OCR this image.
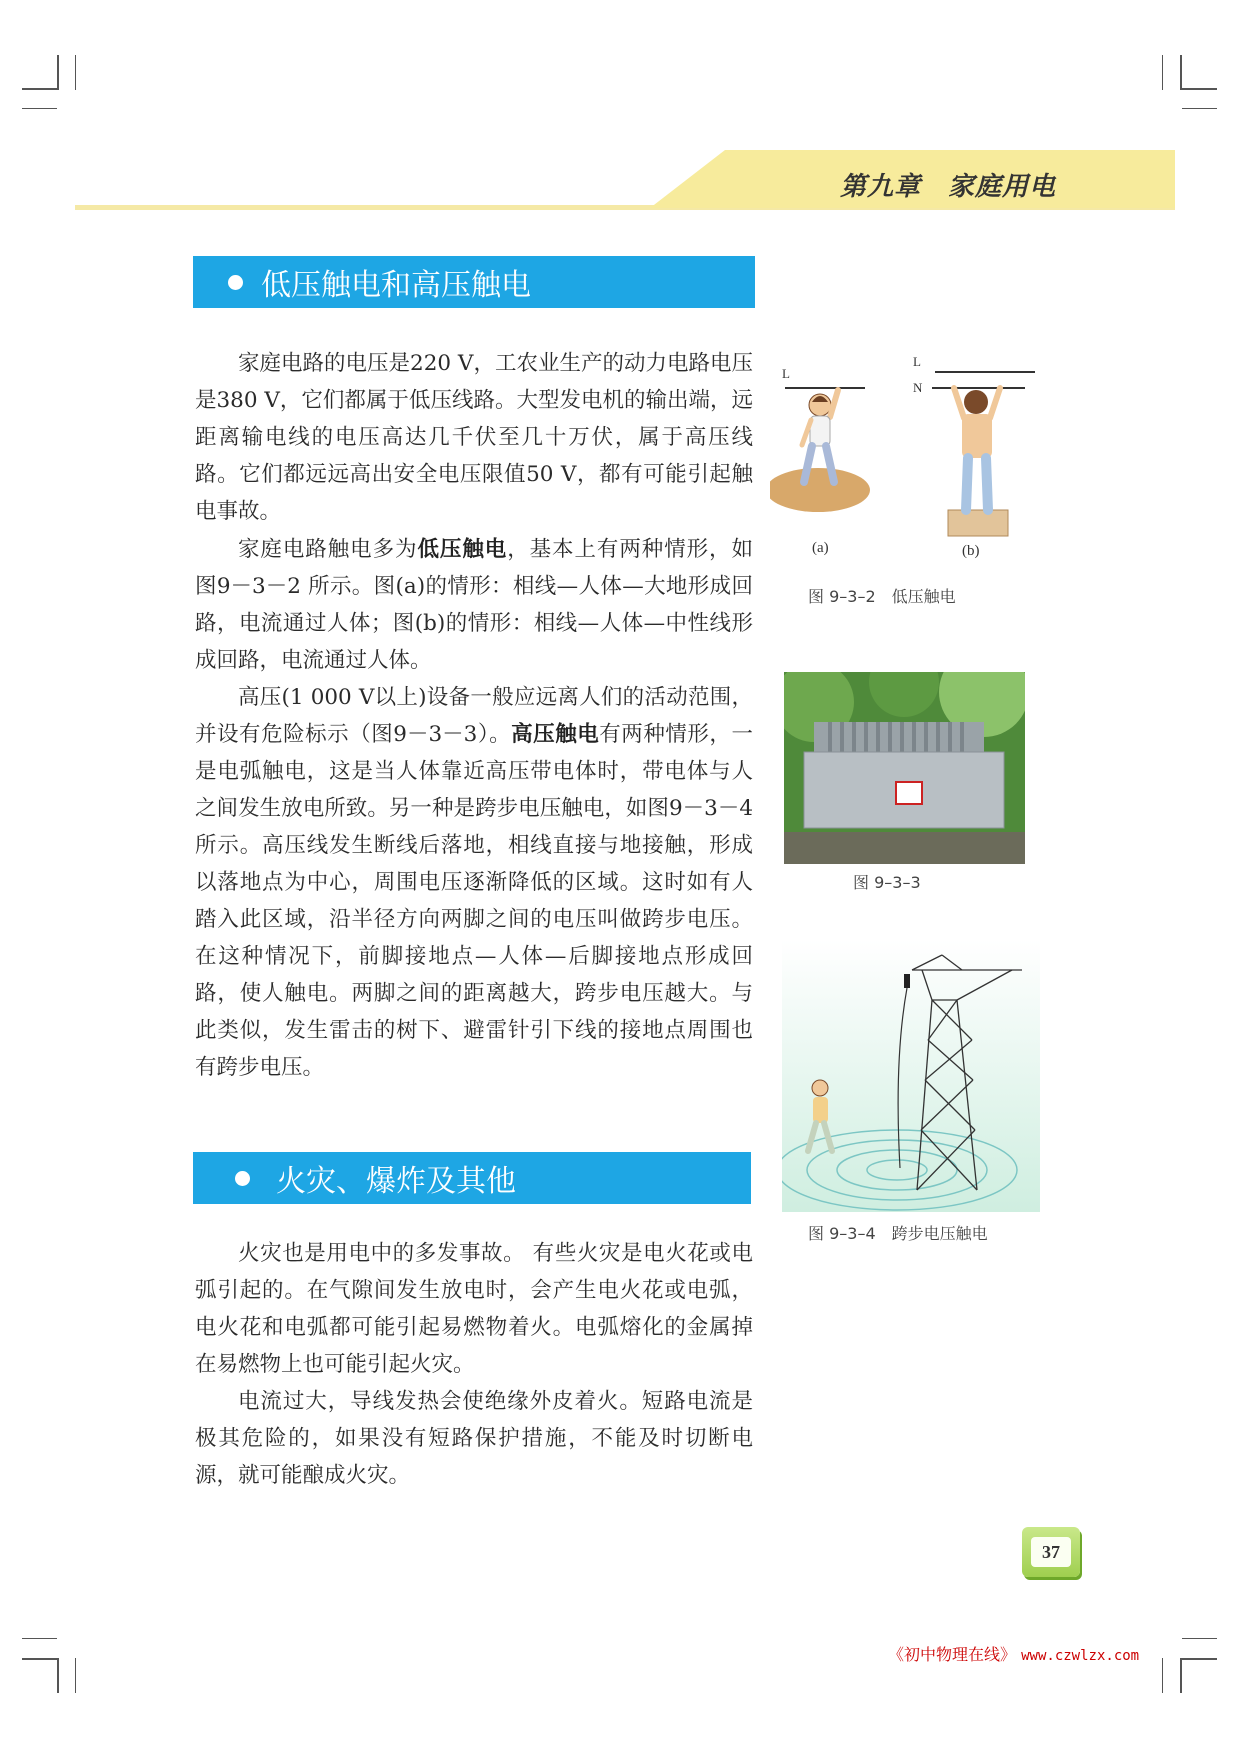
第九章　家庭用电
低压触电和高压触电

家庭电路的电压是220 V，工农业生产的动力电路电压是380 V，它们都属于低压线路。大型发电机的输出端，远距离输电线的电压高达几千伏至几十万伏，属于高压线路。它们都远远高出安全电压限值50 V，都有可能引起触电事故。

家庭电路触电多为低压触电，基本上有两种情形，如图9－3－2 所示。图(a)的情形：相线—人体—大地形成回路，电流通过人体；图(b)的情形：相线—人体—中性线形成回路，电流通过人体。

高压(1 000 V以上)设备一般应远离人们的活动范围，并设有危险标示（图9－3－3）。高压触电有两种情形，一是电弧触电，这是当人体靠近高压带电体时，带电体与人之间发生放电所致。另一种是跨步电压触电，如图9－3－4 所示。高压线发生断线后落地，相线直接与地接触，形成以落地点为中心，周围电压逐渐降低的区域。这时如有人踏入此区域，沿半径方向两脚之间的电压叫做跨步电压。在这种情况下，前脚接地点—人体—后脚接地点形成回路，使人触电。两脚之间的距离越大，跨步电压越大。与此类似，发生雷击的树下、避雷针引下线的接地点周围也有跨步电压。

火灾、爆炸及其他

火灾也是用电中的多发事故。 有些火灾是电火花或电弧引起的。在气隙间发生放电时，会产生电火花或电弧，电火花和电弧都可能引起易燃物着火。电弧熔化的金属掉在易燃物上也可能引起火灾。

电流过大，导线发热会使绝缘外皮着火。短路电流是极其危险的，如果没有短路保护措施，不能及时切断电源，就可能酿成火灾。

L
L
N
(a)	(b)
图 9–3–2　低压触电
图 9–3–3
图 9–3–4　跨步电压触电
37
《初中物理在线》 www.czwlzx.com
